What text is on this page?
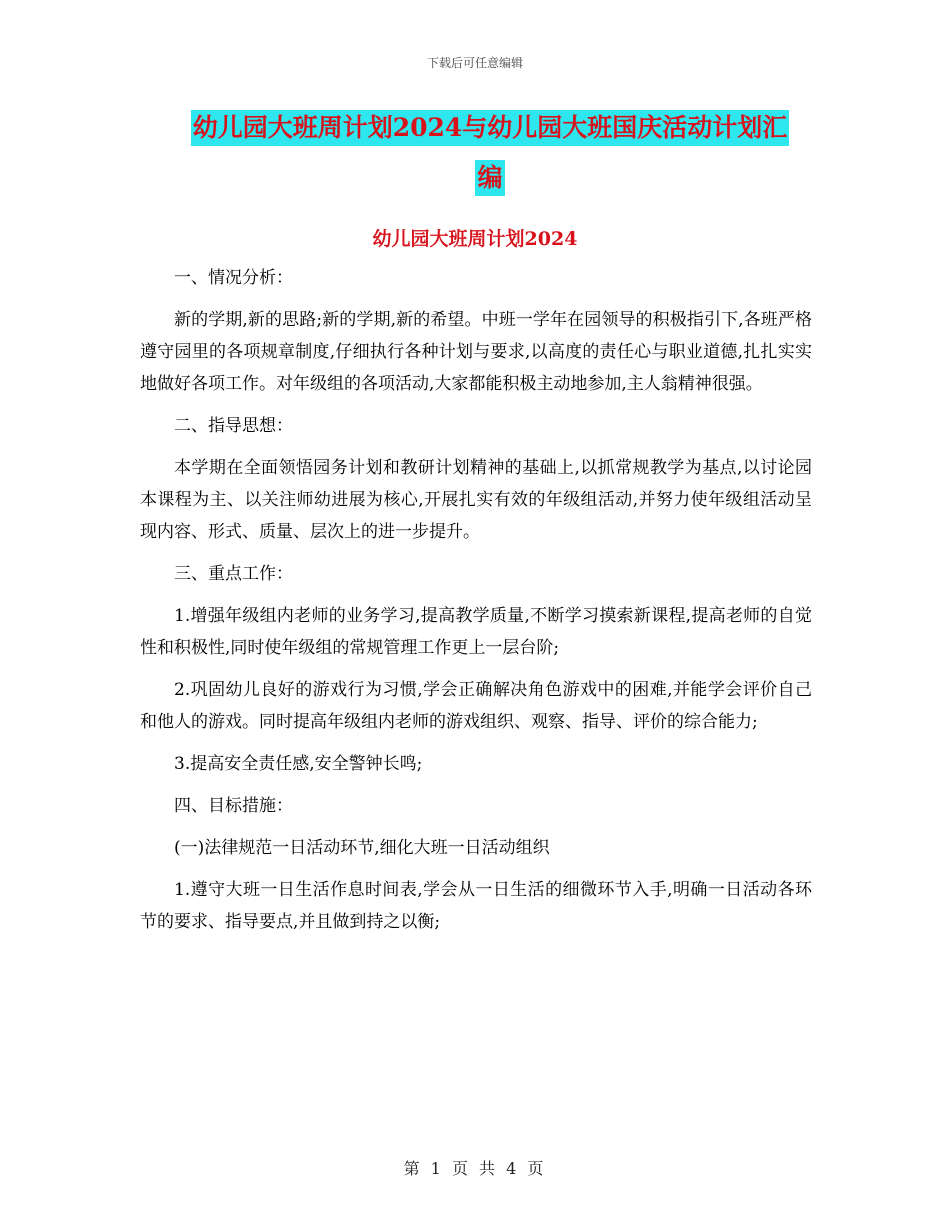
下载后可任意编辑
幼儿园大班周计划2024与幼儿园大班国庆活动计划汇
编
幼儿园大班周计划2024

一、情况分析：

新的学期,新的思路;新的学期,新的希望。中班一学年在园领导的积极指引下,各班严格遵守园里的各项规章制度,仔细执行各种计划与要求,以高度的责任心与职业道德,扎扎实实地做好各项工作。对年级组的各项活动,大家都能积极主动地参加,主人翁精神很强。

二、指导思想：

本学期在全面领悟园务计划和教研计划精神的基础上,以抓常规教学为基点,以讨论园本课程为主、以关注师幼进展为核心,开展扎实有效的年级组活动,并努力使年级组活动呈现内容、形式、质量、层次上的进一步提升。

三、重点工作：

1.增强年级组内老师的业务学习,提高教学质量,不断学习摸索新课程,提高老师的自觉性和积极性,同时使年级组的常规管理工作更上一层台阶;

2.巩固幼儿良好的游戏行为习惯,学会正确解决角色游戏中的困难,并能学会评价自己和他人的游戏。同时提高年级组内老师的游戏组织、观察、指导、评价的综合能力;

3.提高安全责任感,安全警钟长鸣;

四、目标措施：

(一)法律规范一日活动环节,细化大班一日活动组织

1.遵守大班一日生活作息时间表,学会从一日生活的细微环节入手,明确一日活动各环节的要求、指导要点,并且做到持之以衡;

第 1 页 共 4 页
